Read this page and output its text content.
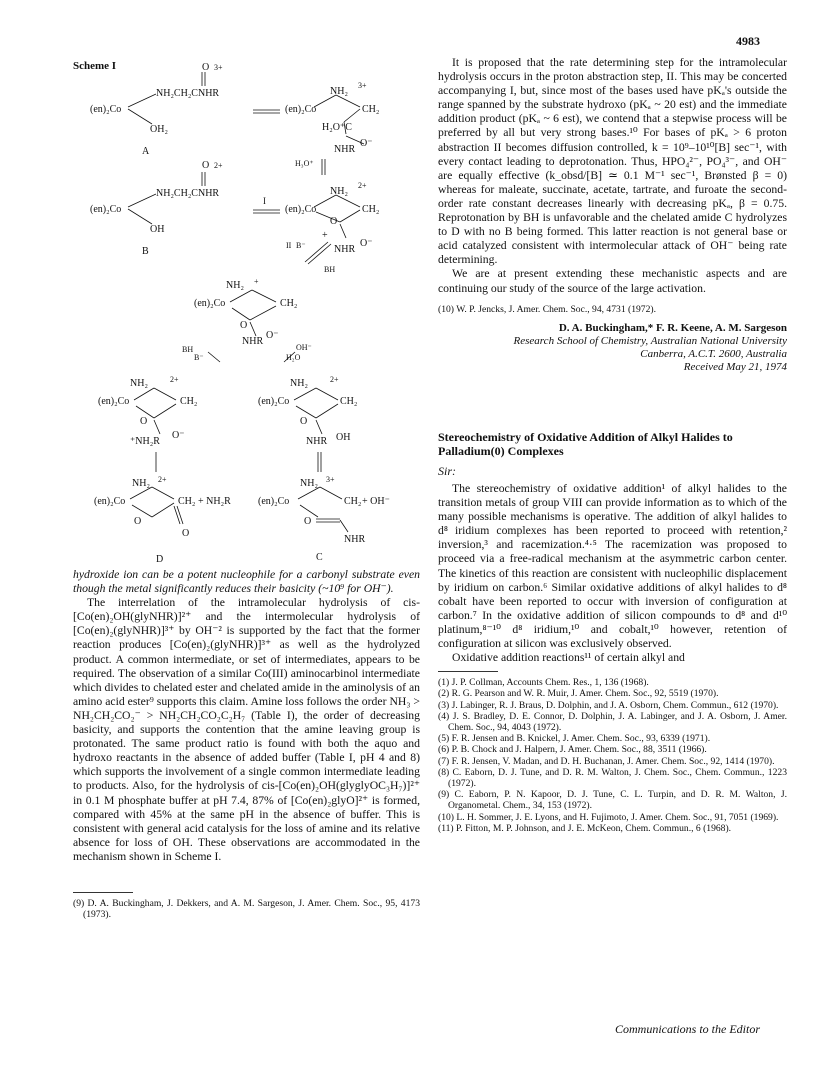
4983
Scheme I	O 3+
NH₂CH₂CNHR
(en)₂Co
OH₂
A
NH₂
3+
(en)₂Co	CH₂
H₂O⁺C
NHR
O⁻
H₃O⁺
O 2+
NH₂CH₂CNHR
(en)₂Co
OH
B
I
NH₂
2+
(en)₂Co	CH₂
O
+
NHR
O⁻
II B⁻
BH
NH₂ +
(en)₂Co	CH₂
O
NHR
O⁻
BH
B⁻
OH⁻
H₂O
NH₂	2+
(en)₂Co	CH₂
O
⁺NH₂R
O⁻
NH₂	2+
(en)₂Co	CH₂
O
NHR OH
NH₂ 2+
(en)₂Co	CH₂ + NH₂R
O
O
D
NH₂ 3+
(en)₂Co	CH₂ + OH⁻
O
NHR
C

hydroxide ion can be a potent nucleophile for a carbonyl substrate even though the metal significantly reduces their basicity (~10⁹ for OH⁻).

The interrelation of the intramolecular hydrolysis of cis-[Co(en)₂OH(glyNHR)]²⁺ and the intermolecular hydrolysis of [Co(en)₂(glyNHR)]³⁺ by OH⁻² is supported by the fact that the former reaction produces [Co(en)₂(glyNHR)]³⁺ as well as the hydrolyzed product. A common intermediate, or set of intermediates, appears to be required. The observation of a similar Co(III) aminocarbinol intermediate which divides to chelated ester and chelated amide in the aminolysis of an amino acid ester⁹ supports this claim. Amine loss follows the order NH₃ > NH₂CH₂CO₂⁻ > NH₂CH₂CO₂C₂H₇ (Table I), the order of decreasing basicity, and supports the contention that the amine leaving group is protonated. The same product ratio is found with both the aquo and hydroxo reactants in the absence of added buffer (Table I, pH 4 and 8) which supports the involvement of a single common intermediate leading to products. Also, for the hydrolysis of cis-[Co(en)₂OH(glyglyOC₃H₇)]²⁺ in 0.1 M phosphate buffer at pH 7.4, 87% of [Co(en)₂glyO]²⁺ is formed, compared with 45% at the same pH in the absence of buffer. This is consistent with general acid catalysis for the loss of amine and its relative absence for loss of OH. These observations are accommodated in the mechanism shown in Scheme I.

(9) D. A. Buckingham, J. Dekkers, and A. M. Sargeson, J. Amer. Chem. Soc., 95, 4173 (1973).

It is proposed that the rate determining step for the intramolecular hydrolysis occurs in the proton abstraction step, II. This may be concerted accompanying I, but, since most of the bases used have pKₐ's outside the range spanned by the substrate hydroxo (pKₐ ~ 20 est) and the immediate addition product (pKₐ ~ 6 est), we contend that a stepwise process will be preferred by all but very strong bases.¹⁰ For bases of pKₐ > 6 proton abstraction II becomes diffusion controlled, k = 10⁹–10¹⁰[B] sec⁻¹, with every contact leading to deprotonation. Thus, HPO₄²⁻, PO₄³⁻, and OH⁻ are equally effective (k_obsd/[B] ≃ 0.1 M⁻¹ sec⁻¹, Brønsted β = 0) whereas for maleate, succinate, acetate, tartrate, and furoate the second-order rate constant decreases linearly with decreasing pKₐ, β = 0.75. Reprotonation by BH is unfavorable and the chelated amide C hydrolyzes to D with no B being formed. This latter reaction is not general base or acid catalyzed consistent with intermolecular attack of OH⁻ being rate determining.

We are at present extending these mechanistic aspects and are continuing our study of the source of the large activation.

(10) W. P. Jencks, J. Amer. Chem. Soc., 94, 4731 (1972).
D. A. Buckingham,* F. R. Keene, A. M. Sargeson
Research School of Chemistry, Australian National University
Canberra, A.C.T. 2600, Australia
Received May 21, 1974
Stereochemistry of Oxidative Addition of Alkyl Halides to Palladium(0) Complexes
Sir:

The stereochemistry of oxidative addition¹ of alkyl halides to the transition metals of group VIII can provide information as to which of the many possible mechanisms is operative. The addition of alkyl halides to d⁸ iridium complexes has been reported to proceed with retention,² inversion,³ and racemization.⁴·⁵ The racemization was proposed to proceed via a free-radical mechanism at the asymmetric carbon center. The kinetics of this reaction are consistent with nucleophilic displacement by iridium on carbon.⁶ Similar oxidative additions of alkyl halides to d⁸ cobalt have been reported to occur with inversion of configuration at carbon.⁷ In the oxidative addition of silicon compounds to d⁸ and d¹⁰ platinum,⁸⁻¹⁰ d⁸ iridium,¹⁰ and cobalt,¹⁰ however, retention of configuration at silicon was exclusively observed.

Oxidative addition reactions¹¹ of certain alkyl and

(1) J. P. Collman, Accounts Chem. Res., 1, 136 (1968).
(2) R. G. Pearson and W. R. Muir, J. Amer. Chem. Soc., 92, 5519 (1970).
(3) J. Labinger, R. J. Braus, D. Dolphin, and J. A. Osborn, Chem. Commun., 612 (1970).
(4) J. S. Bradley, D. E. Connor, D. Dolphin, J. A. Labinger, and J. A. Osborn, J. Amer. Chem. Soc., 94, 4043 (1972).
(5) F. R. Jensen and B. Knickel, J. Amer. Chem. Soc., 93, 6339 (1971).
(6) P. B. Chock and J. Halpern, J. Amer. Chem. Soc., 88, 3511 (1966).
(7) F. R. Jensen, V. Madan, and D. H. Buchanan, J. Amer. Chem. Soc., 92, 1414 (1970).
(8) C. Eaborn, D. J. Tune, and D. R. M. Walton, J. Chem. Soc., Chem. Commun., 1223 (1972).
(9) C. Eaborn, P. N. Kapoor, D. J. Tune, C. L. Turpin, and D. R. M. Walton, J. Organometal. Chem., 34, 153 (1972).
(10) L. H. Sommer, J. E. Lyons, and H. Fujimoto, J. Amer. Chem. Soc., 91, 7051 (1969).
(11) P. Fitton, M. P. Johnson, and J. E. McKeon, Chem. Commun., 6 (1968).
Communications to the Editor
